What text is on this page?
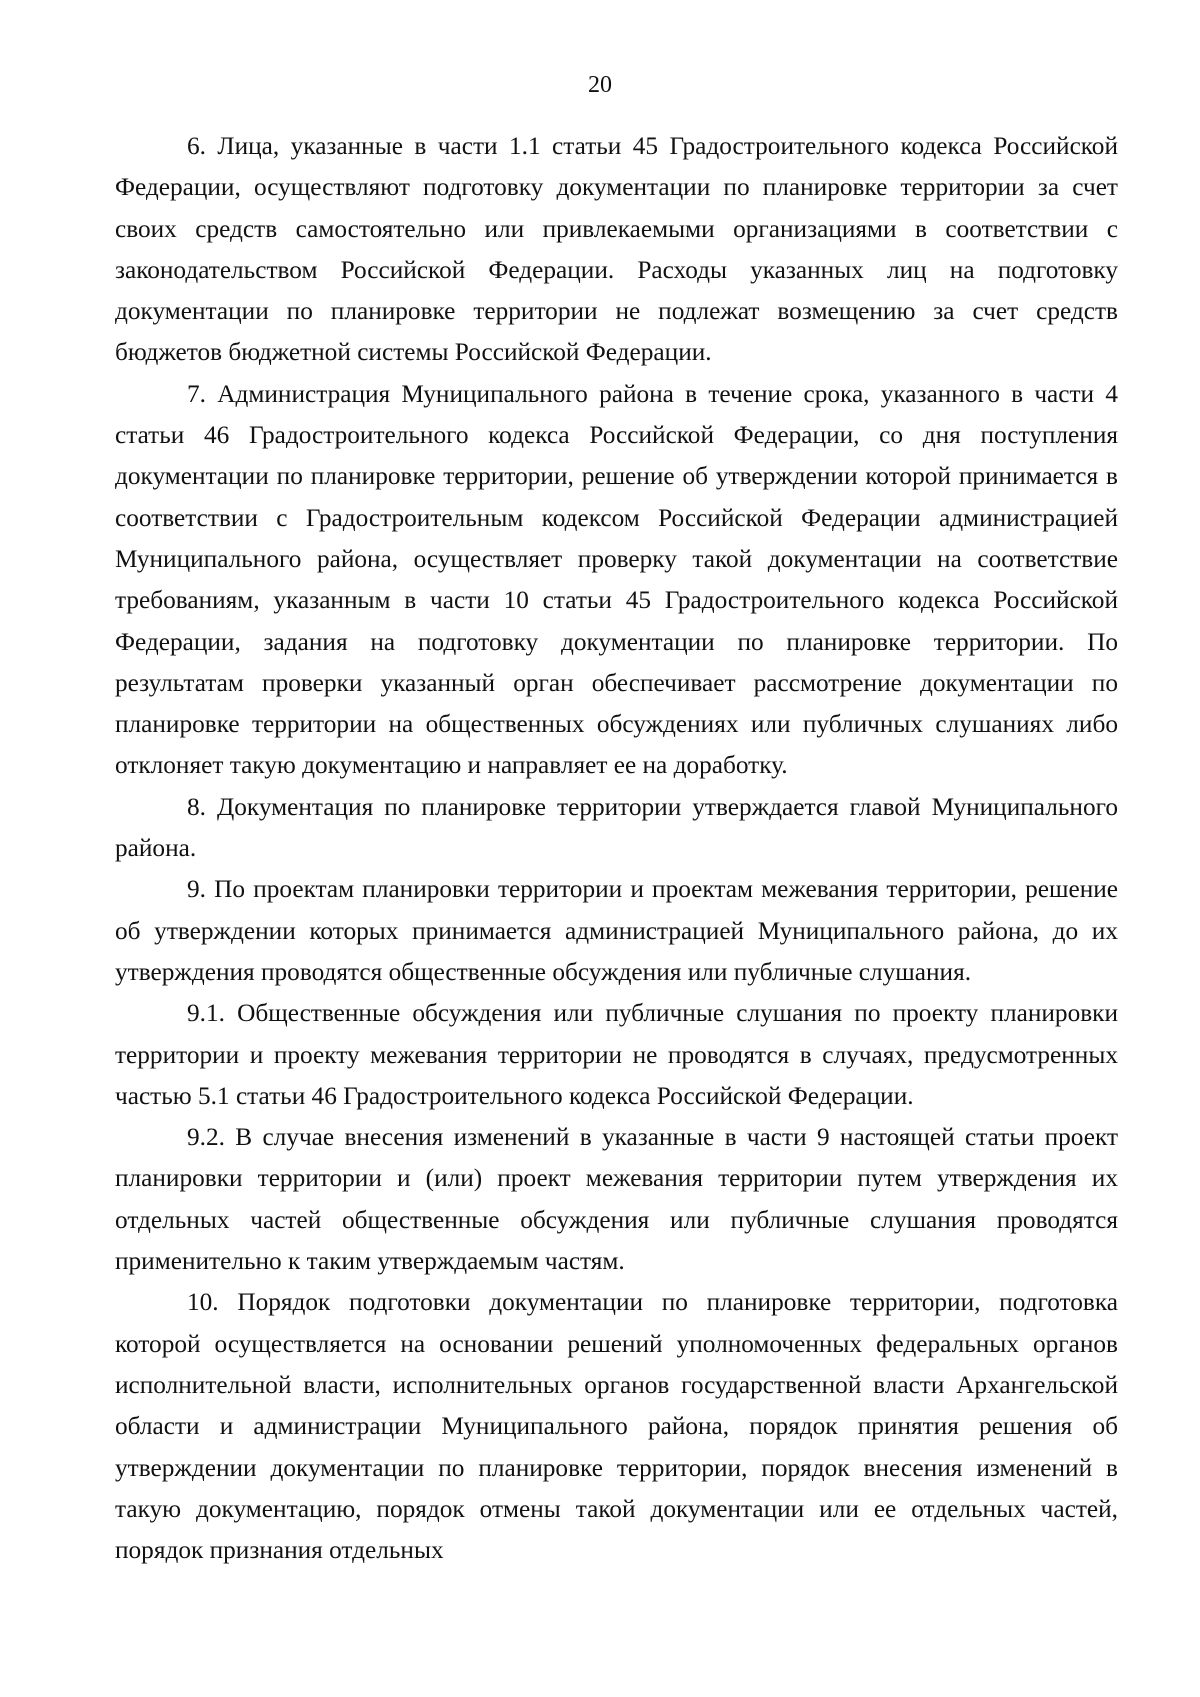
20

6. Лица, указанные в части 1.1 статьи 45 Градостроительного кодекса Российской Федерации, осуществляют подготовку документации по планировке территории за счет своих средств самостоятельно или привлекаемыми организациями в соответствии с законодательством Российской Федерации. Расходы указанных лиц на подготовку документации по планировке территории не подлежат возмещению за счет средств бюджетов бюджетной системы Российской Федерации.

7. Администрация Муниципального района в течение срока, указанного в части 4 статьи 46 Градостроительного кодекса Российской Федерации, со дня поступления документации по планировке территории, решение об утверждении которой принимается в соответствии с Градостроительным кодексом Российской Федерации администрацией Муниципального района, осуществляет проверку такой документации на соответствие требованиям, указанным в части 10 статьи 45 Градостроительного кодекса Российской Федерации, задания на подготовку документации по планировке территории. По результатам проверки указанный орган обеспечивает рассмотрение документации по планировке территории на общественных обсуждениях или публичных слушаниях либо отклоняет такую документацию и направляет ее на доработку.

8. Документация по планировке территории утверждается главой Муниципального района.

9. По проектам планировки территории и проектам межевания территории, решение об утверждении которых принимается администрацией Муниципального района, до их утверждения проводятся общественные обсуждения или публичные слушания.

9.1. Общественные обсуждения или публичные слушания по проекту планировки территории и проекту межевания территории не проводятся в случаях, предусмотренных частью 5.1 статьи 46 Градостроительного кодекса Российской Федерации.

9.2. В случае внесения изменений в указанные в части 9 настоящей статьи проект планировки территории и (или) проект межевания территории путем утверждения их отдельных частей общественные обсуждения или публичные слушания проводятся применительно к таким утверждаемым частям.

10. Порядок подготовки документации по планировке территории, подготовка которой осуществляется на основании решений уполномоченных федеральных органов исполнительной власти, исполнительных органов государственной власти Архангельской области и администрации Муниципального района, порядок принятия решения об утверждении документации по планировке территории, порядок внесения изменений в такую документацию, порядок отмены такой документации или ее отдельных частей, порядок признания отдельных
